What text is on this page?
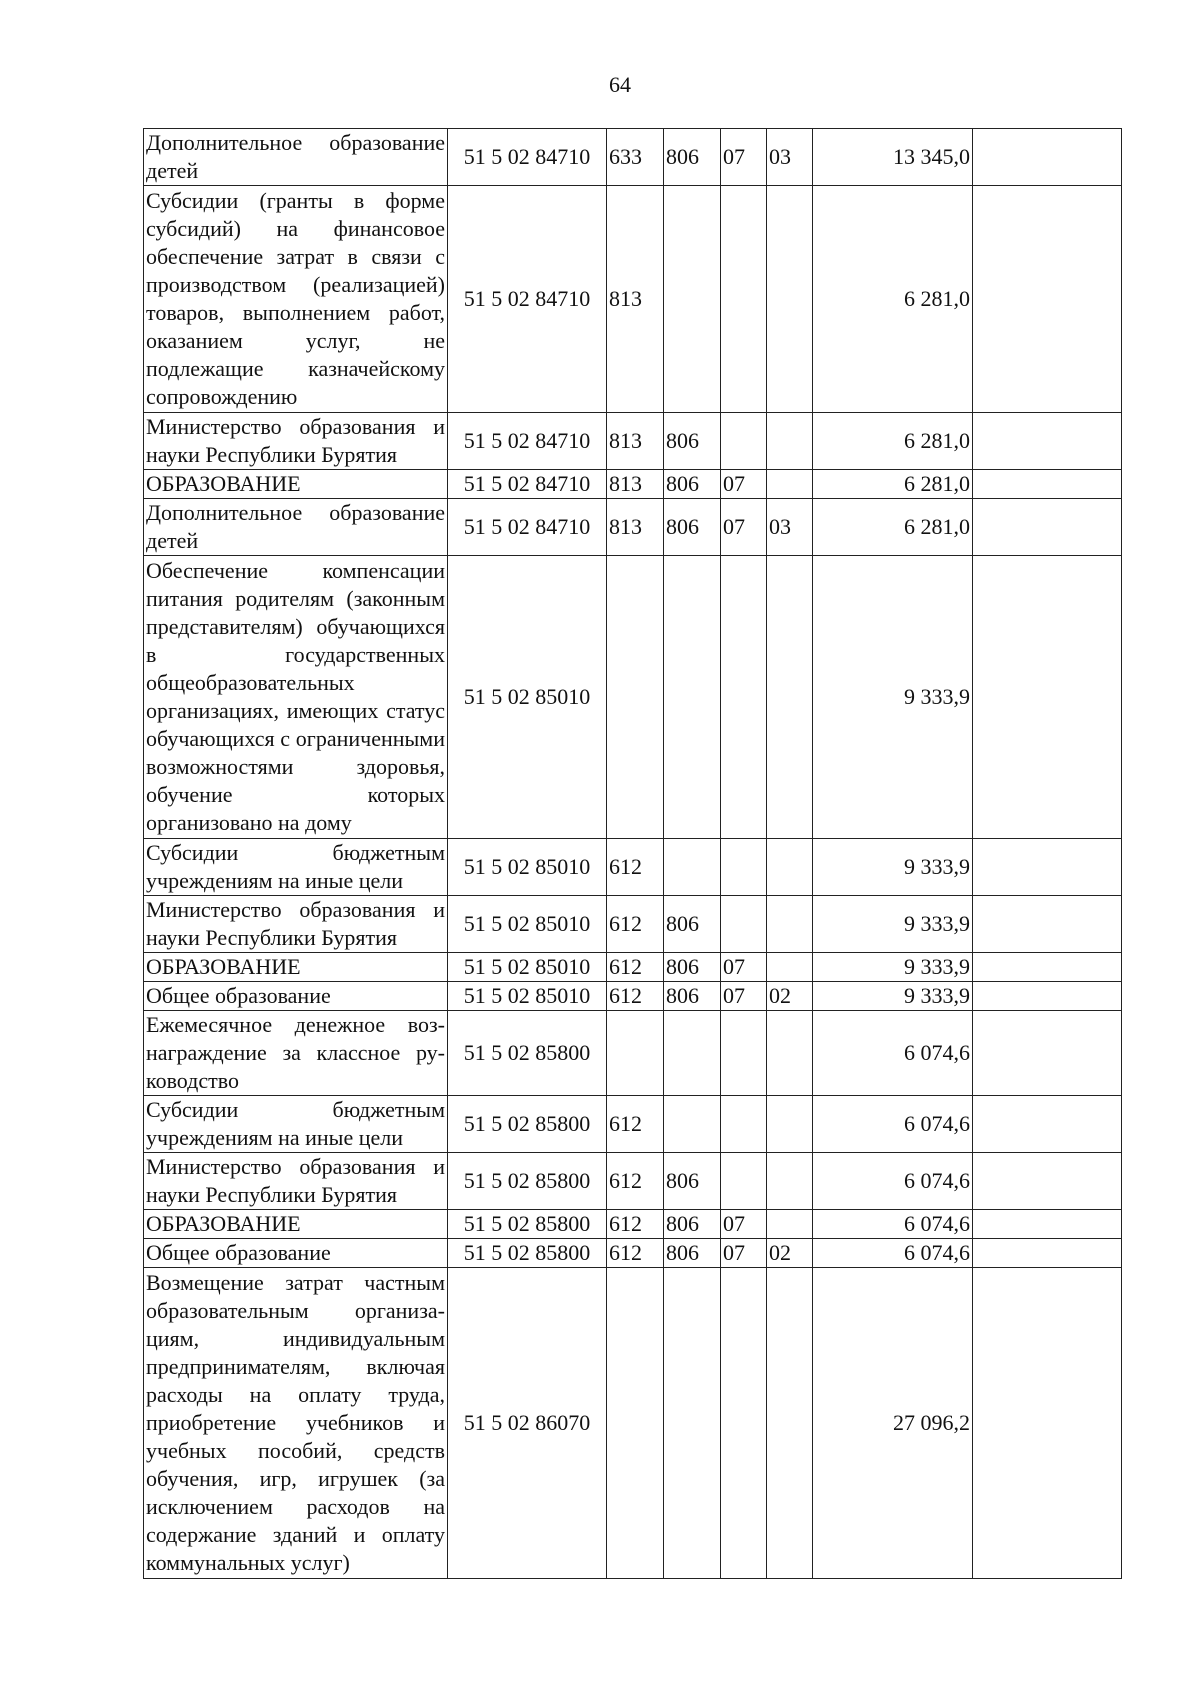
64
Дополнительное образование детей	51 5 02 84710	633	806	07	03	13 345,0	
Субсидии (гранты в форме субсидий) на финансовое обеспечение затрат в связи с производством (реализацией) товаров, выполнением работ, оказанием услуг, не подлежащие казначейскому сопровождению	51 5 02 84710	813				6 281,0	
Министерство образования и науки Республики Бурятия	51 5 02 84710	813	806			6 281,0	
ОБРАЗОВАНИЕ	51 5 02 84710	813	806	07		6 281,0	
Дополнительное образование детей	51 5 02 84710	813	806	07	03	6 281,0	
Обеспечение компенсации питания родителям (законным представителям) обучающихся в государственных общеобразовательных организациях, имеющих статус обучающихся с ограниченными возможностями здоровья, обучение которых организовано на дому	51 5 02 85010					9 333,9	
Субсидии бюджетным учреждениям на иные цели	51 5 02 85010	612				9 333,9	
Министерство образования и науки Республики Бурятия	51 5 02 85010	612	806			9 333,9	
ОБРАЗОВАНИЕ	51 5 02 85010	612	806	07		9 333,9	
Общее образование	51 5 02 85010	612	806	07	02	9 333,9	
Ежемесячное денежное вознаграждение за классное руководство	51 5 02 85800					6 074,6	
Субсидии бюджетным учреждениям на иные цели	51 5 02 85800	612				6 074,6	
Министерство образования и науки Республики Бурятия	51 5 02 85800	612	806			6 074,6	
ОБРАЗОВАНИЕ	51 5 02 85800	612	806	07		6 074,6	
Общее образование	51 5 02 85800	612	806	07	02	6 074,6	
Возмещение затрат частным образовательным организациям, индивидуальным предпринимателям, включая расходы на оплату труда, приобретение учебников и учебных пособий, средств обучения, игр, игрушек (за исключением расходов на содержание зданий и оплату коммунальных услуг)	51 5 02 86070					27 096,2	
